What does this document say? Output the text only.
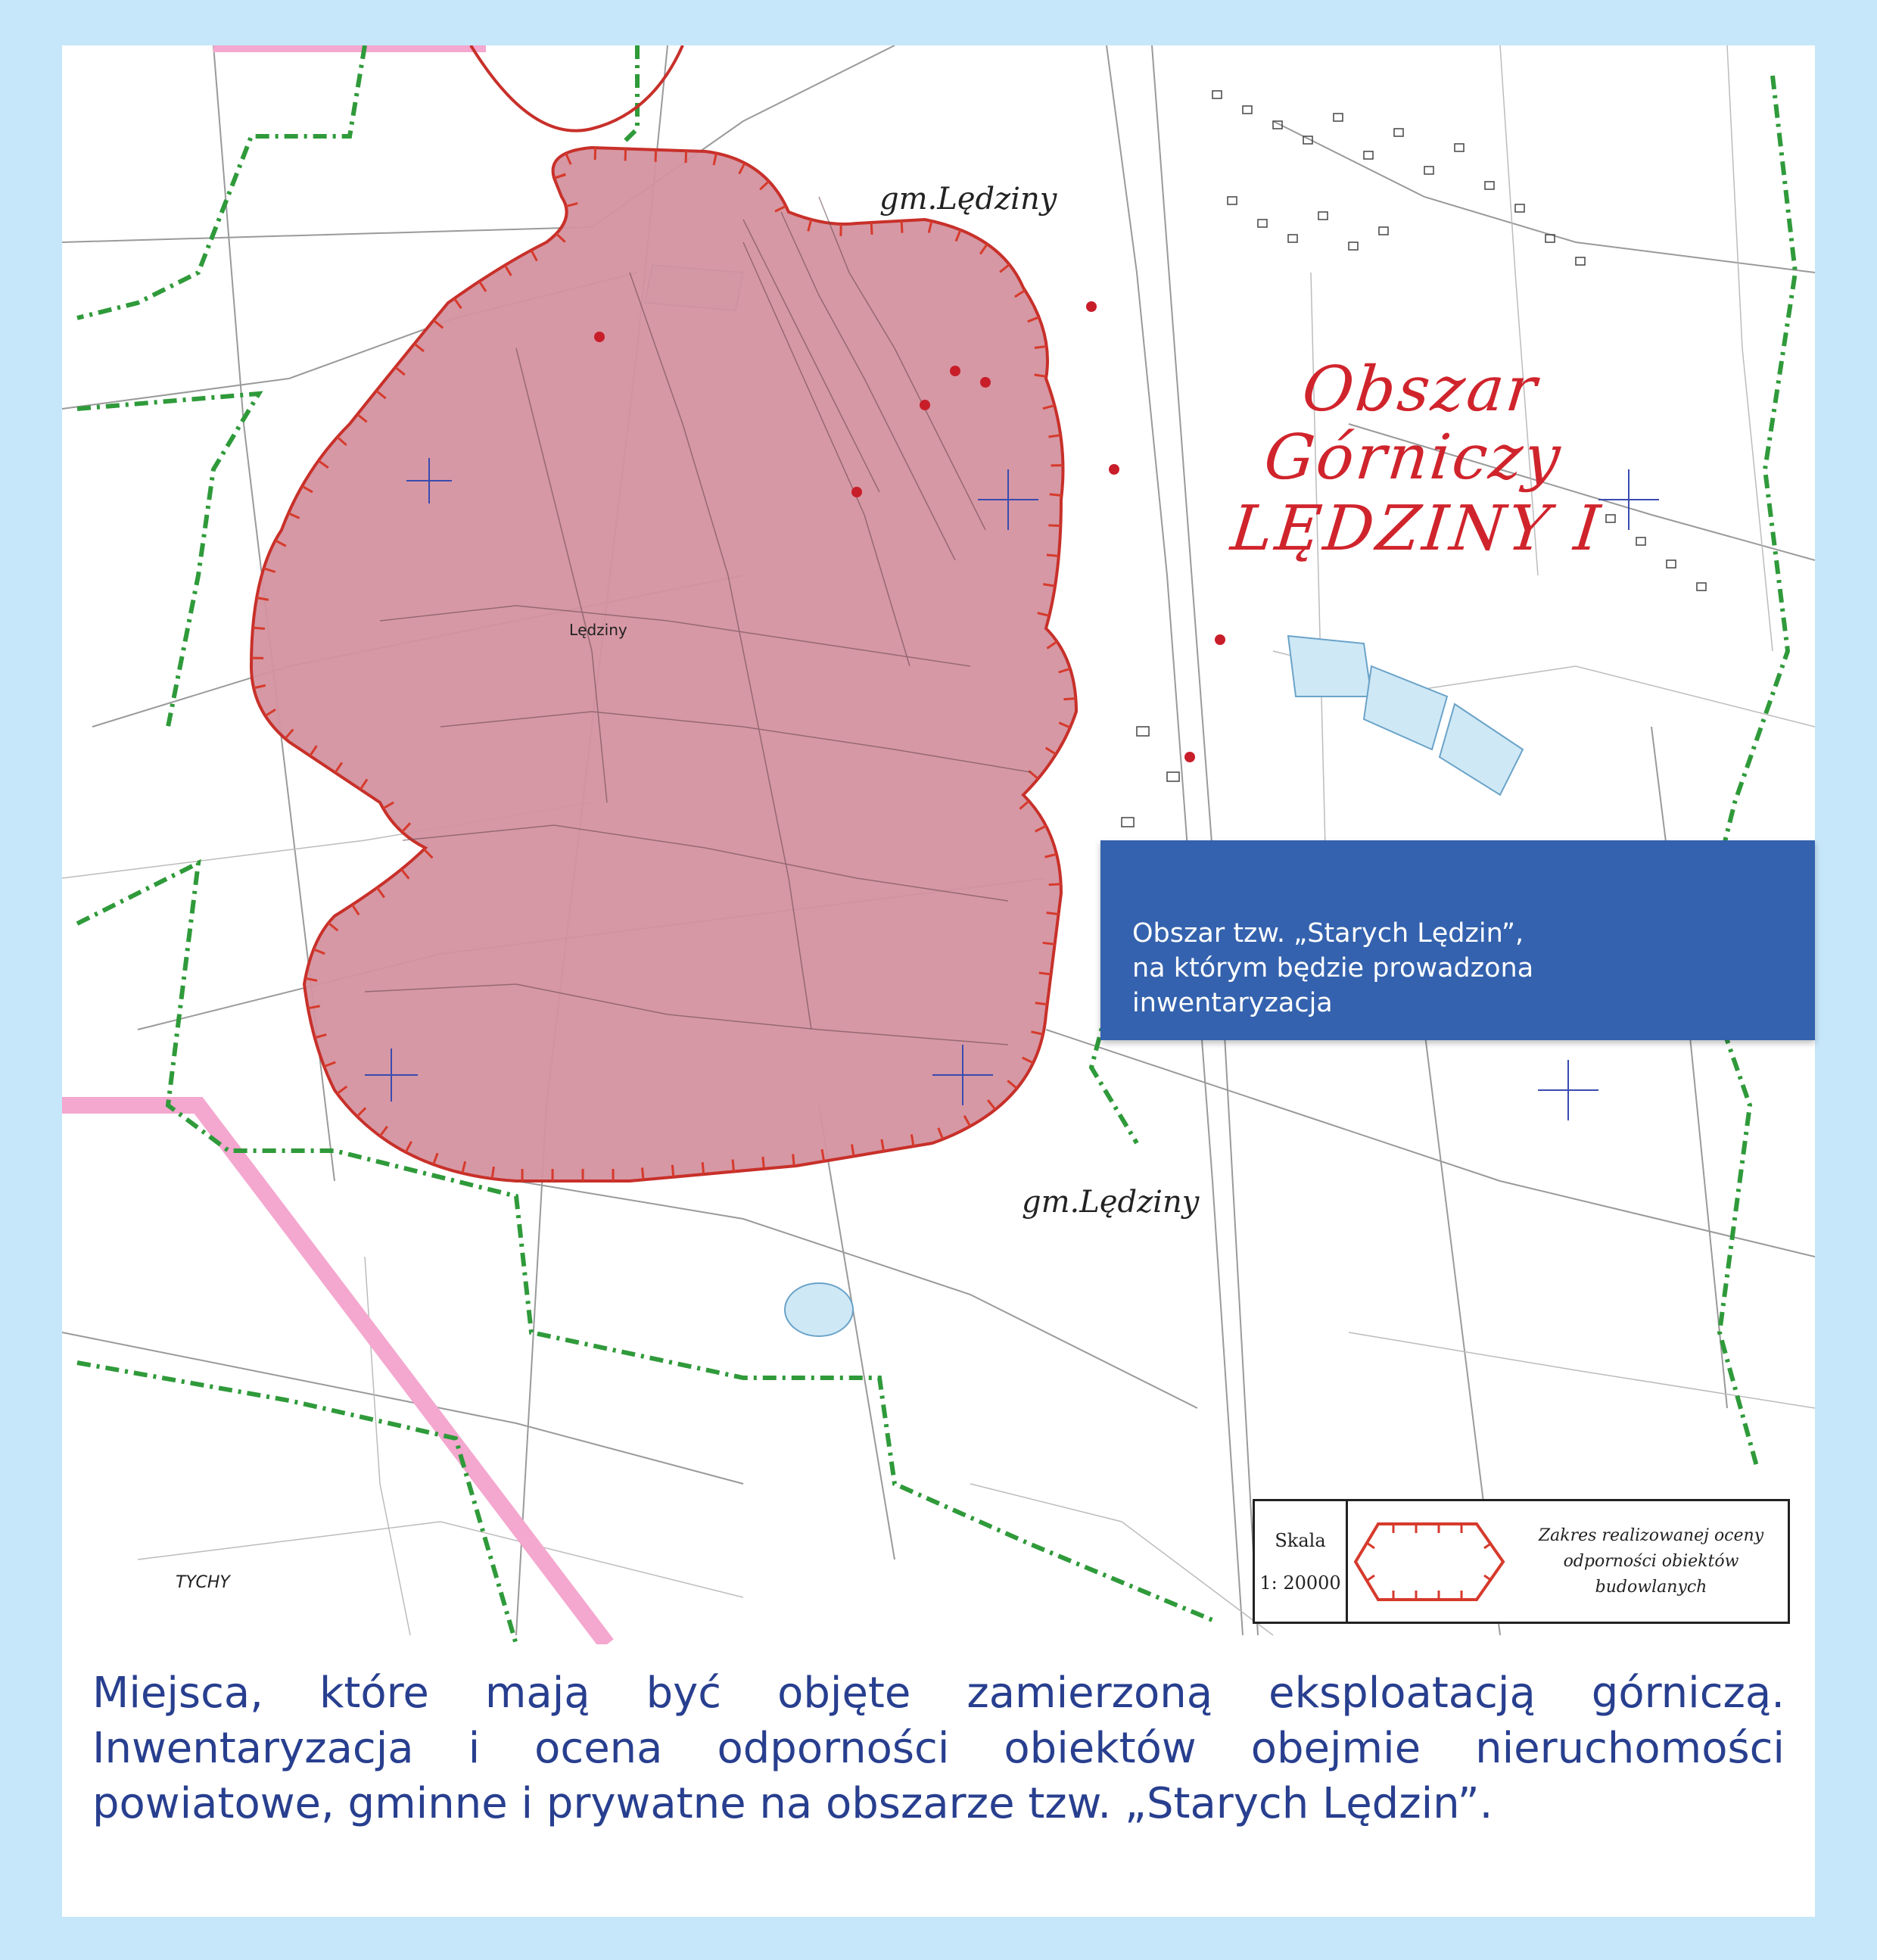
gm.Lędziny
gm.Lędziny
Lędziny
TYCHY
Obszar Górniczy
LĘDZINY I
Skala
1: 20000
Zakres realizowanej oceny
odporności obiektów
budowlanych
Miejsca, które mają być objęte zamierzoną eksploatacją górniczą.
Inwentaryzacja i ocena odporności obiektów obejmie nieruchomości
powiatowe, gminne i prywatne na obszarze tzw. „Starych Lędzin”.
Obszar tzw. „Starych Lędzin”,
na którym będzie prowadzona
inwentaryzacja
